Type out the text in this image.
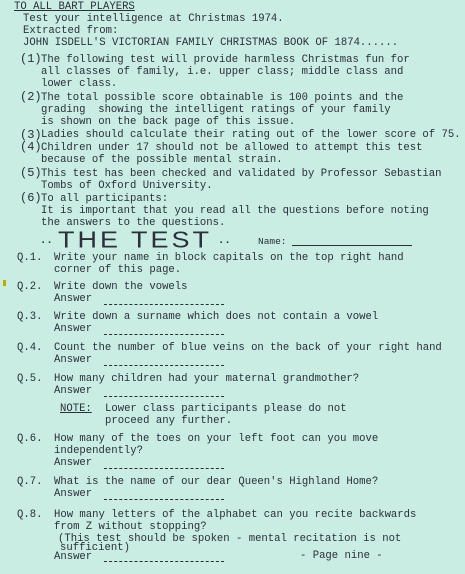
TO ALL BART PLAYERS
Test your intelligence at Christmas 1974.
Extracted from:
JOHN ISDELL'S VICTORIAN FAMILY CHRISTMAS BOOK OF 1874......
(1) The following test will provide harmless Christmas fun for
all classes of family, i.e. upper class; middle class and
lower class.
(2) The total possible score obtainable is 100 points and the
grading  showing the intelligent ratings of your family
is shown on the back page of this issue.
(3) Ladies should calculate their rating out of the lower score of 75.
(4) Children under 17 should not be allowed to attempt this test
because of the possible mental strain.
(5) This test has been checked and validated by Professor Sebastian
Tombs of Oxford University.
(6) To all participants:
It is important that you read all the questions before noting
the answers to the questions.
.. THE TEST ..	Name:
Q.1. Write your name in block capitals on the top right hand
corner of this page.
Q.2. Write down the vowels
Answer
Q.3. Write down a surname which does not contain a vowel
Answer
Q.4. Count the number of blue veins on the back of your right hand
Answer
Q.5. How many children had your maternal grandmother?
Answer
NOTE: Lower class participants please do not
proceed any further.
Q.6. How many of the toes on your left foot can you move
independently?
Answer
Q.7. What is the name of our dear Queen's Highland Home?
Answer
Q.8. How many letters of the alphabet can you recite backwards
from Z without stopping?
(This test should be spoken - mental recitation is not
sufficient)
Answer	- Page nine -
